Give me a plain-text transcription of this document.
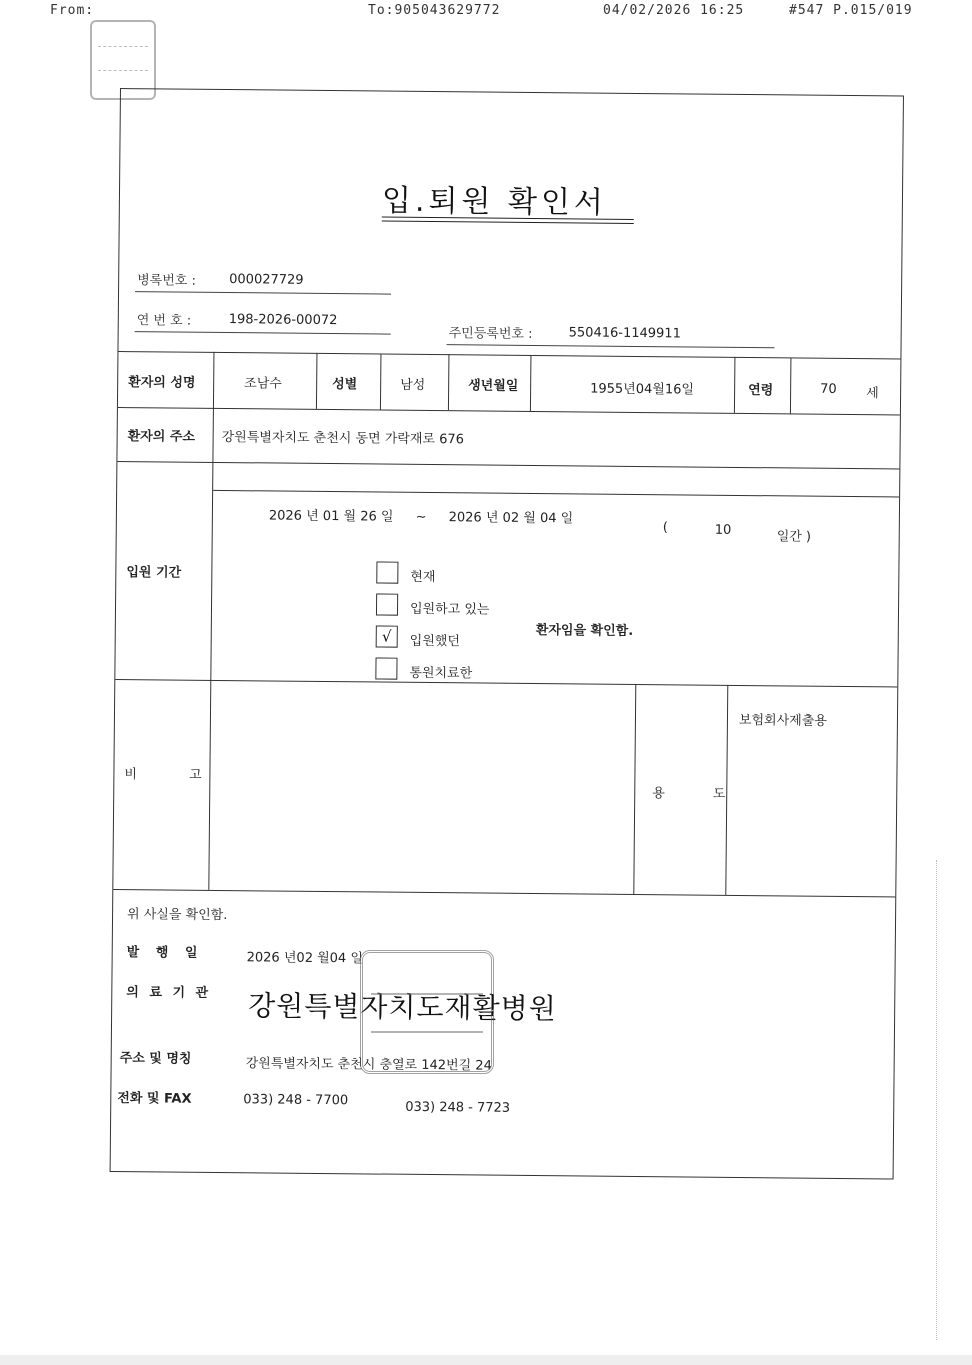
From:	To:905043629772	04/02/2026 16:25	#547 P.015/019
입.퇴원 확인서
병록번호 :	000027729
연 번 호 :	198-2026-00072
주민등록번호 :	550416-1149911
환자의 성명	조남수	성별	남성	생년월일	1955년04월16일	연령	70 세
환자의 주소 강원특별자치도 춘천시 동면 가락재로 676
입원 기간
2026 년 01 월 26 일 ~ 2026 년 02 월 04 일
(	10	일간 )
현재
입원하고 있는
√	입원했던
통원치료한
환자임을 확인함.
비 고
용 도
보험회사제출용
위 사실을 확인함.
발 행 일	2026 년02 월04 일
의 료 기 관 강원특별자치도재활병원
주소 및 명칭	강원특별자치도 춘천시 충열로 142번길 24
전화 및 FAX	033) 248 - 7700	033) 248 - 7723
